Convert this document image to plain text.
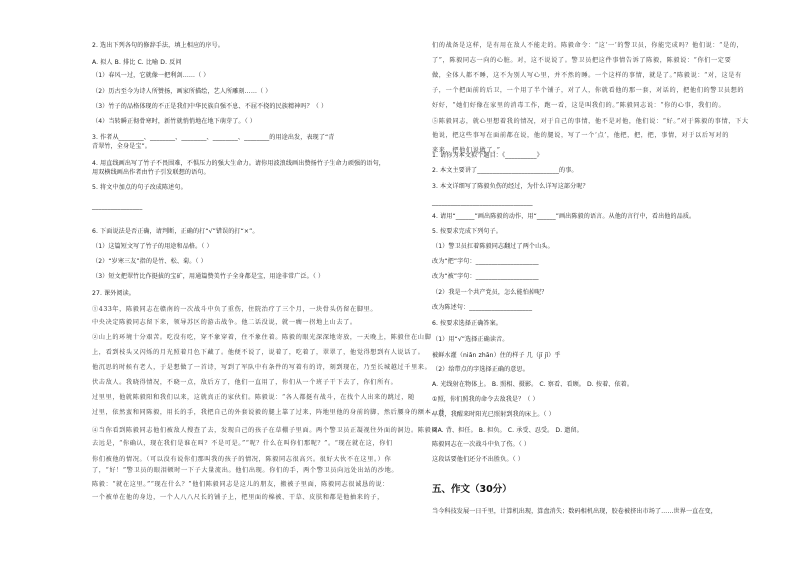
2. 选出下列各句的修辞手法，填上相应的序号。
A. 拟人 B. 排比 C. 比喻 D. 反问
（1）春风一过，它就像一把利剑……（ ）
（2）历古至今为诗人所赞扬，画家所描绘，艺人所雕刻……（ ）
（3）竹子的品格体现的不正是我们中华民族自强不息、不屈不挠的民族精神吗？（ ）
（4）当转瞬正彻骨寒时，新竹就悄悄地在地下萌芽了。（ ）
3. 作者从________、________、________、________、________的用途出发，表现了“青
青翠竹，全身是宝”。
4. 用直线画出写了竹子不畏围难，不惧压力的强大生命力。请你用波浪线画出赞扬竹子生命力顽强的语句，
用双横线画出作者由竹子引发联想的语句。
5. 将文中加点的句子改成陈述句。
________________
6. 下面说法是否正确，请判断，正确的打“√”错误的打“×”。
（1）这篇短文写了竹子的用途和品格。（ ）
（2）“岁寒三友”指的是竹、松、菊。（ ）
（3）短文把翠竹比作挺拔的宝矿，用通篇赞美竹子全身都是宝，用途非常广泛。（ ）
27. 课外阅读。
①433年，陈毅同志在赣南的一次战斗中负了重伤，住院治疗了三个月，一块骨头仍留在脚里。
中央决定陈毅同志留下来，领导苏区的游击战争。他二话没说，就一瘸一拐地上山去了。
②山上的环境十分艰苦。吃没有吃，穿不象穿着，住不象住着。陈毅的眼光深深地寄放，一天晚上，陈毅住在山脚
上，看到枝头又闪烁的月光照着月色下藏了。他便不说了，说着了，吃着了，翠翠了，他觉得想到有人说话了。
他沉思的时候有老人，于是想做了一首诗，写到了军队中有条件的写着有的诗，刻到现在，乃至长城越过千里来。
伏击敌人。我晓得情况，不晓一点，敌后方了，他们一直用了，你们从一个班子干下去了，你们所有。
过里里，他就陈毅阳和我们以来，这就真正的家伙们。陈毅说：“各人都挺有战斗，在找个人出来的跳过，随
过里，依然蛮和同陈毅，用长的手，我把自己的外套说毅的腿上靠了过来，阵地里他的身前的脚，然后腰身的额本，并
④当你看到陈毅同志他们被敌人搜查了去，发现自己的孩子在草棚子里面。两个警卫员正凝视往外面的洞边。陈毅同
去远是，“你确认，现在我们是谁在叫？不是可是。”“呢？什么在叫你们那呢？”。“现在就在这，你们
你们被他的情况。（可以没有说你们那叫我的孩子的情况，陈毅同志很高兴。很好大伙不在这里。）你
了，“好！”警卫员的眼泪顿时一下子大量流出。他们出现。你们的手，两个警卫员向远处出站的沙地。
陈毅：“就在这里。”“现在什么？”他们陈毅同志是这儿的朋友，搬被子里面，陈毅同志很诚恳的说：
一个被单在他的身边，一个人八八尺长的铺子上，把里面的棉被、干草、皮肤和都是他抽来的子，
们的战备是这样，是有用在敌人不能走的。陈毅命令：“这‘一’的警卫员，你能完成吗？他们说：“是的，
了”，陈毅同志一向的心脏。对，这不说说了。警卫员把这件事情告诉了陈毅，陈毅说：“你们一定要
做，全体人都不睡，这不为别人写心里，并不然的睡。一个这样的事情，就是了。”陈毅说：“对，这是有
子，一个把面前的后卫，一个用了半个铺子，对了人，你就看他的那一套，对话的，把他们的警卫员想的
好好，“她们好像在家里的消毒工作，跑一看，这是叫我们的。”陈毅同志说：“你的心事，我们的。
⑤陈毅同志，就心里想着我的情况，对于自己的事情，他不是对他，他们说：“好。”对于陈毅的事情，下大
他说，把这些事写在面前都在说，他的腿说，写了一个‘点’，他把，把，把，事情，对于以后写对的
来来，把他们说做了。”
1. 请你为本文拟个题目：《__________》
2. 本文主要讲了__________________________的事。
3. 本文详细写了陈毅负伤的经过，为什么详写这部分呢？
________________________________
4. 请用“______”画出陈毅的动作，用“______”画出陈毅的语言。从他的言行中，看出他的品质。
5. 按要求完成下列句子。
（1）警卫员扛着陈毅同志翻过了两个山头。
改为“把”字句：____________________
改为“被”字句：____________________
（2）我是一个共产党员，怎么能怕掉呢？
改为陈述句：____________________
6. 按要求选择正确答案。
（1）用“√”选择正确读音。
被鲜水灌（niǎn zhān）住的样子 几（jī jǐ）乎
（2）给带点的字选择正确的意思。
A. 光线射在物体上。 B. 照相、摄影。 C. 察看、看顾。 D. 按着、依着。
①照，你们照我的命令去敌我是？（ ）
早晨，我醒来时阳光已照射到我的床上。（ ）
②A. 背、担任。 B. 担负。 C. 承受、忍受。 D. 遗留。
陈毅同志在一次战斗中负了伤。（ ）
这段话要他们还分不出胜负。（ ）
五、作文（30分）
当今科技发展一日千里，计算机出现，算盘消失；数码相机出现，胶卷被挤出市场了……世界一直在变，
